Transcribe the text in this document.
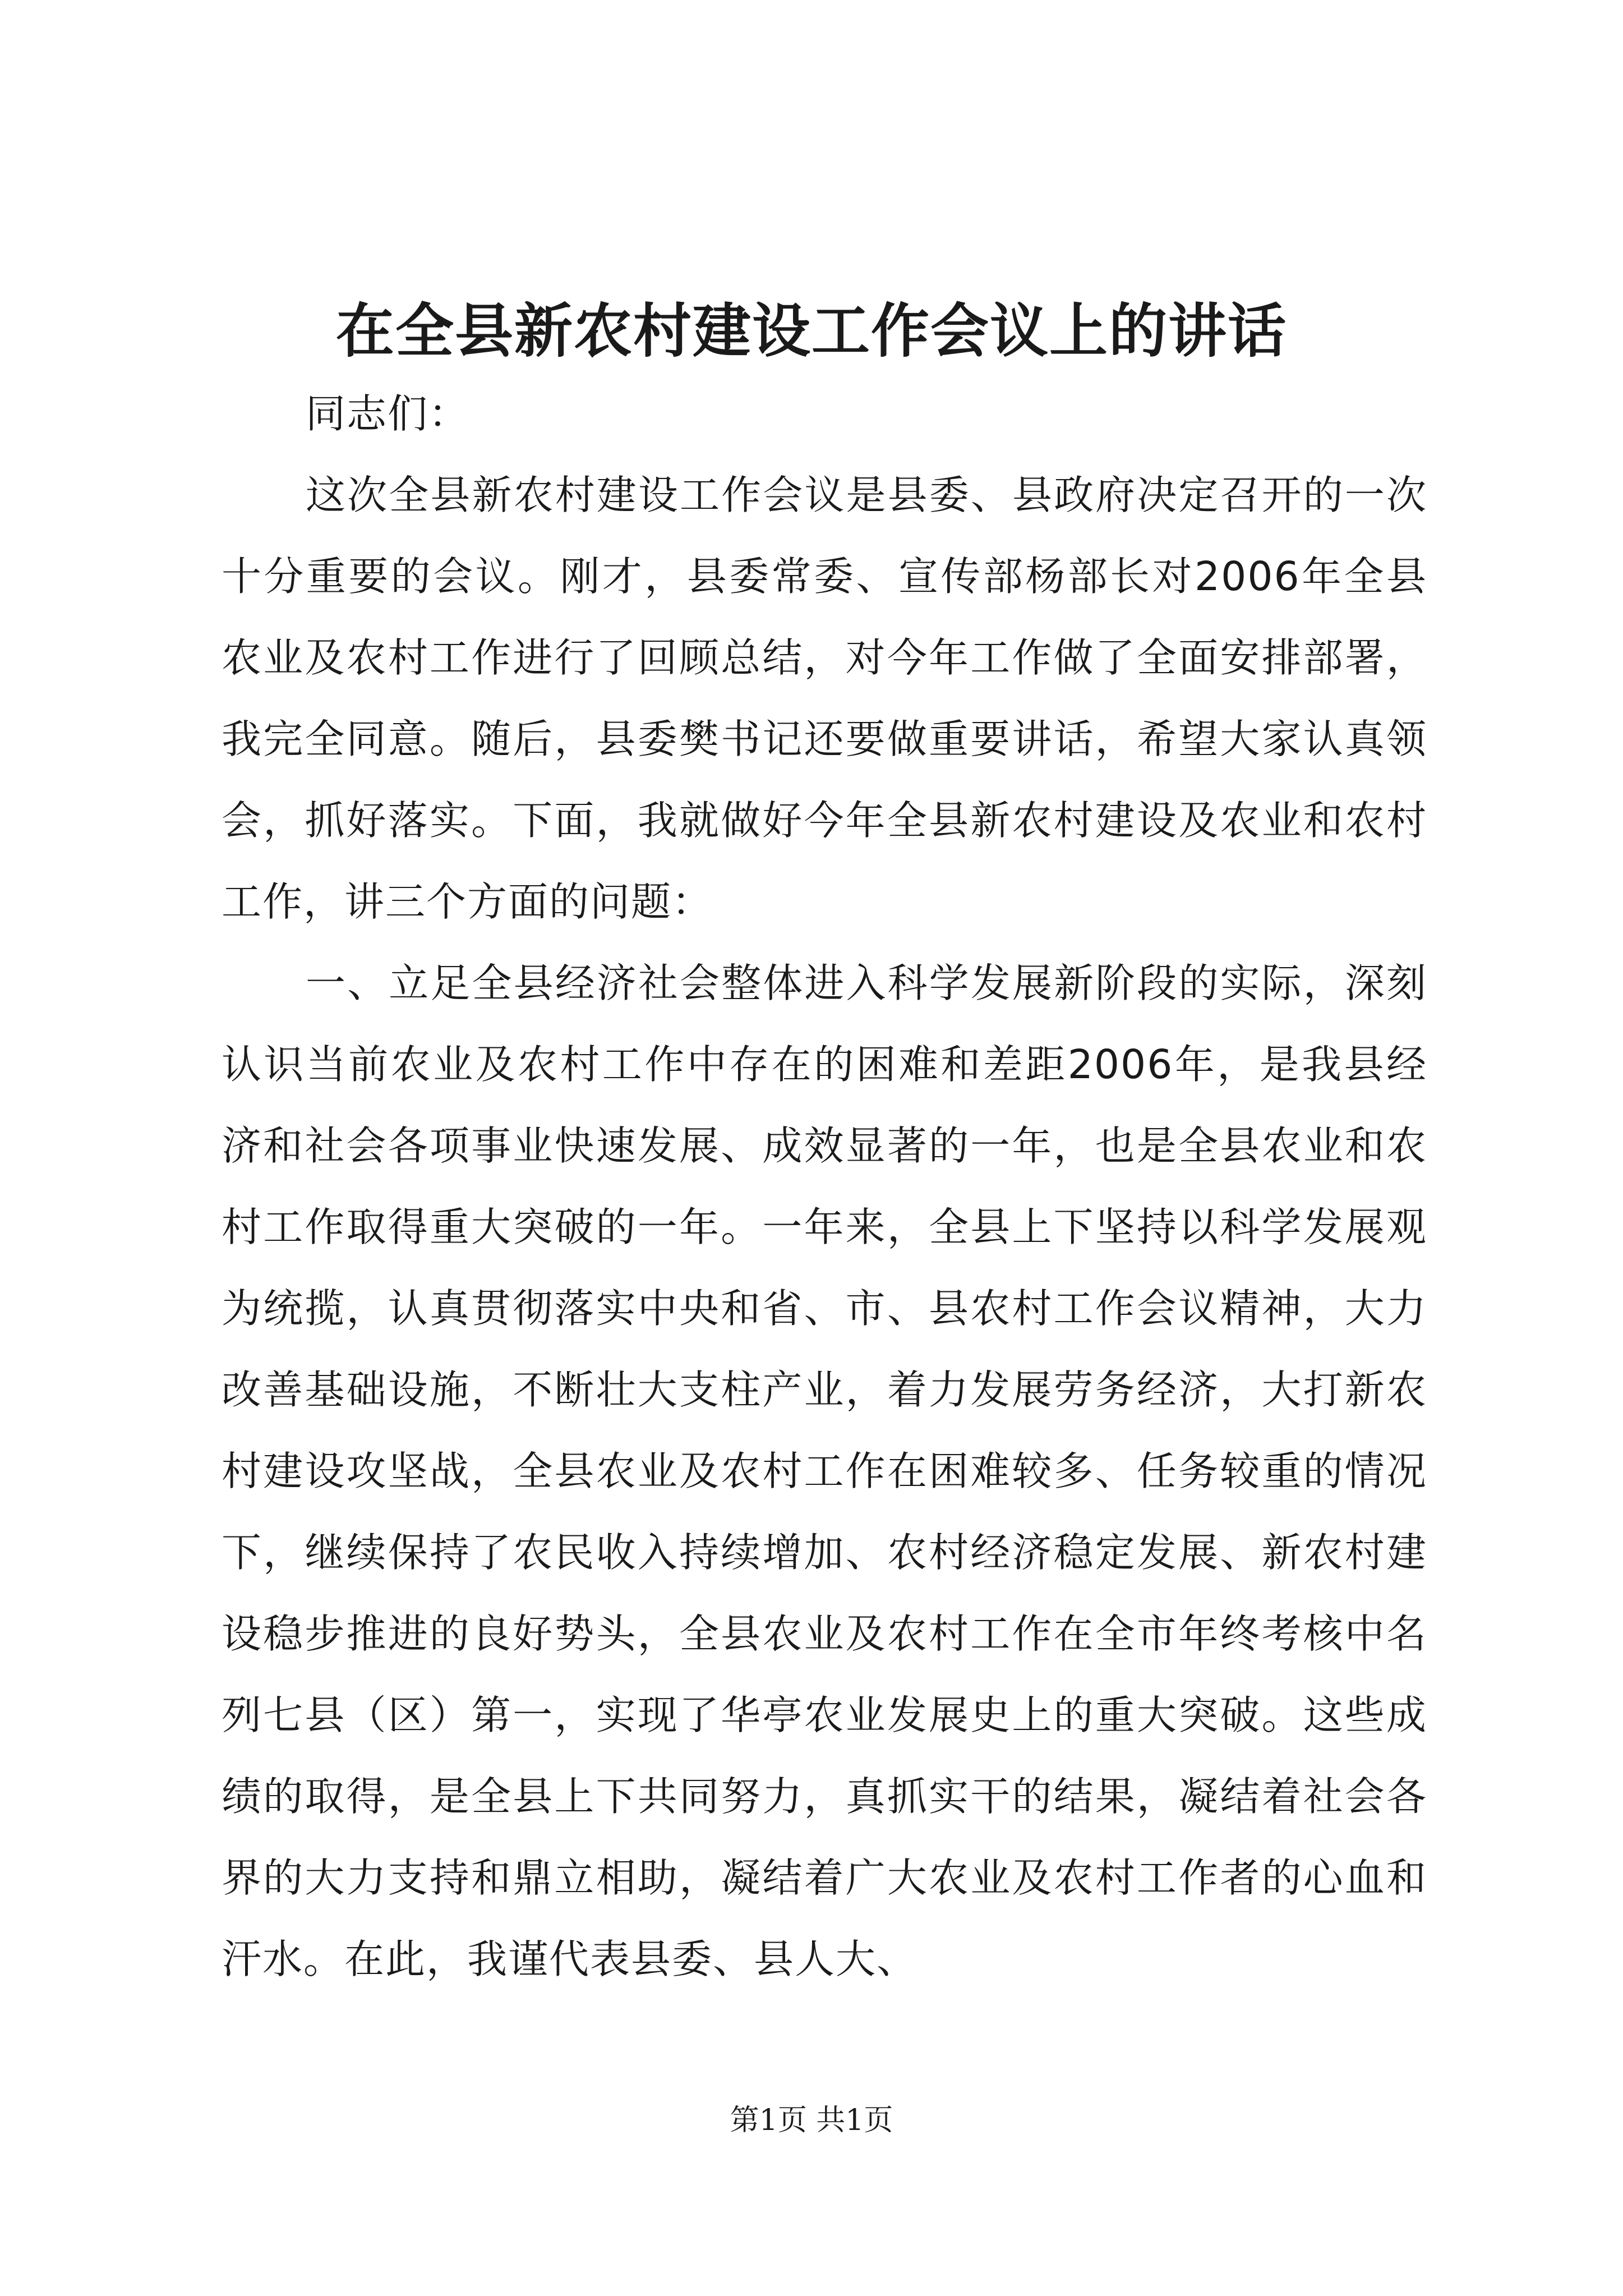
在全县新农村建设工作会议上的讲话

同志们：

这次全县新农村建设工作会议是县委、县政府决定召开的一次十分重要的会议。刚才，县委常委、宣传部杨部长对2006年全县农业及农村工作进行了回顾总结，对今年工作做了全面安排部署，我完全同意。随后，县委樊书记还要做重要讲话，希望大家认真领会，抓好落实。下面，我就做好今年全县新农村建设及农业和农村工作，讲三个方面的问题：

一、立足全县经济社会整体进入科学发展新阶段的实际，深刻认识当前农业及农村工作中存在的困难和差距2006年，是我县经济和社会各项事业快速发展、成效显著的一年，也是全县农业和农村工作取得重大突破的一年。一年来，全县上下坚持以科学发展观为统揽，认真贯彻落实中央和省、市、县农村工作会议精神，大力改善基础设施，不断壮大支柱产业，着力发展劳务经济，大打新农村建设攻坚战，全县农业及农村工作在困难较多、任务较重的情况下，继续保持了农民收入持续增加、农村经济稳定发展、新农村建设稳步推进的良好势头，全县农业及农村工作在全市年终考核中名列七县（区）第一，实现了华亭农业发展史上的重大突破。这些成绩的取得，是全县上下共同努力，真抓实干的结果，凝结着社会各界的大力支持和鼎立相助，凝结着广大农业及农村工作者的心血和汗水。在此，我谨代表县委、县人大、

第1页 共1页
